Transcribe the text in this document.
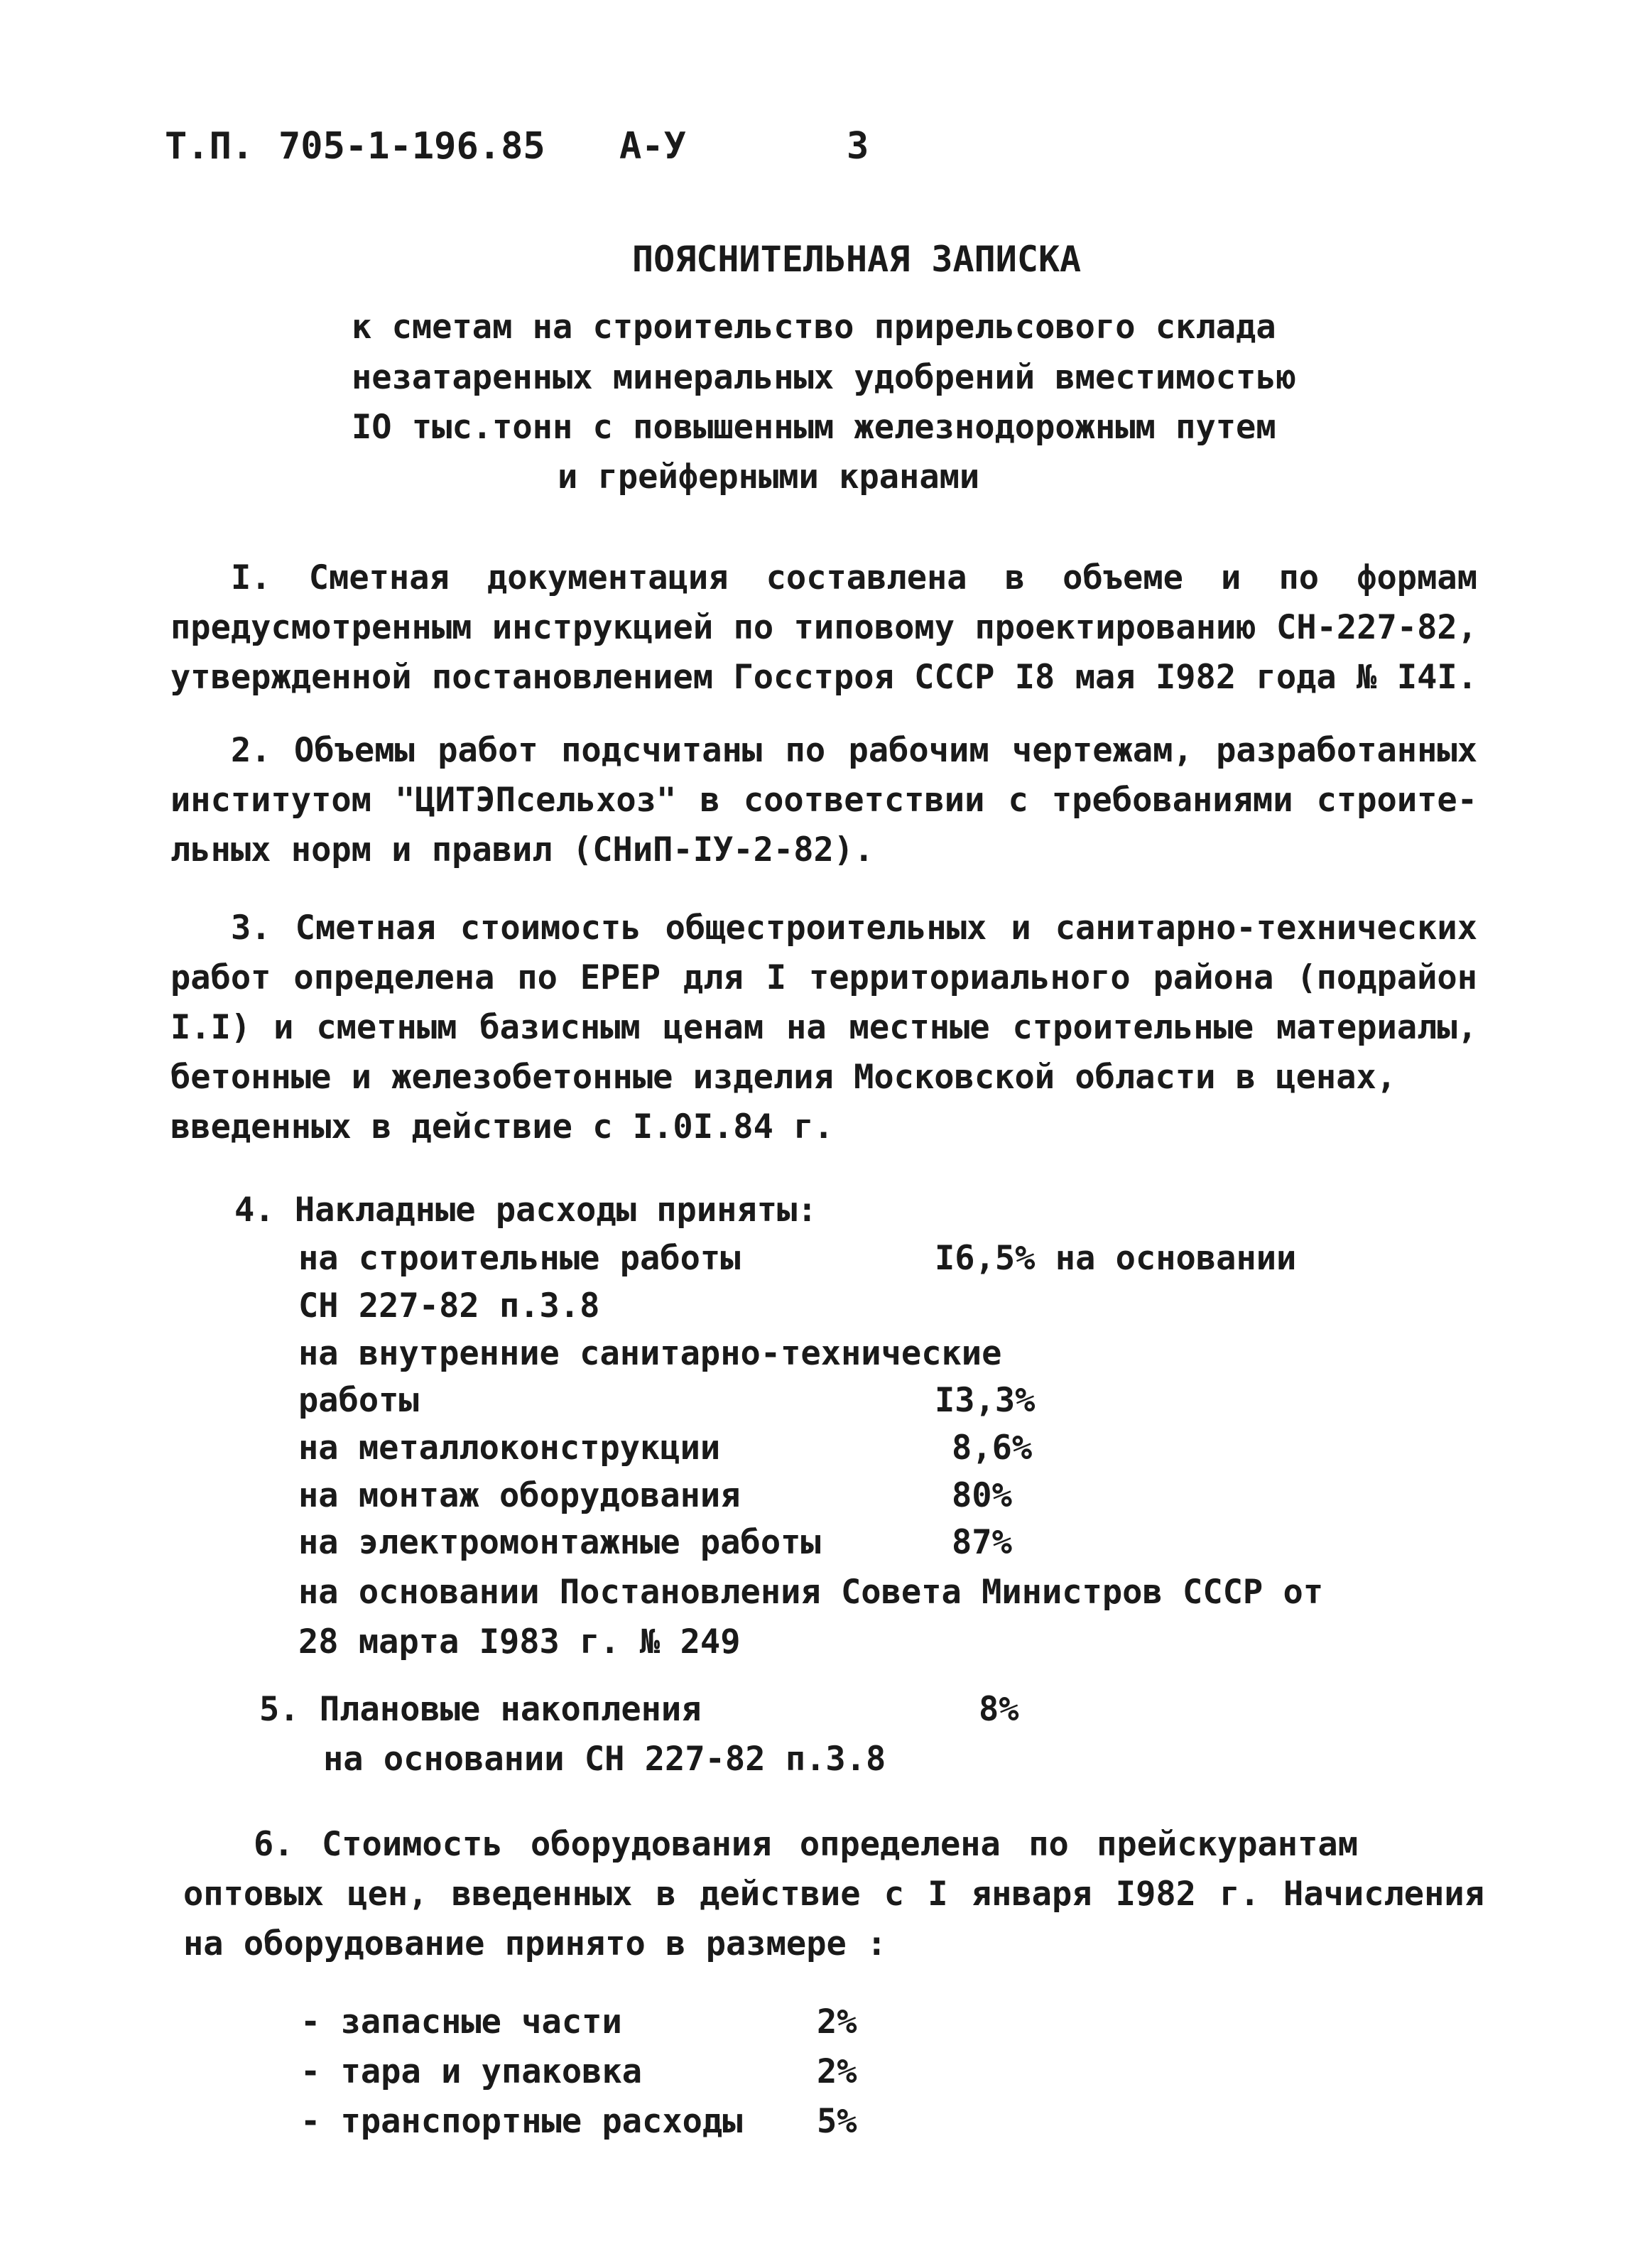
Т.П. 705-1-196.85 А-У	3
ПОЯСНИТЕЛЬНАЯ ЗАПИСКА
к сметам на строительство прирельсового склада
незатаренных минеральных удобрений вместимостью
IO тыс.тонн с повышенным железнодорожным путем
и грейферными кранами
I. Сметная документация составлена в объеме и по формам
предусмотренным инструкцией по типовому проектированию СН-227-82,
утвержденной постановлением Госстроя СССР I8 мая I982 года № I4I.
2. Объемы работ подсчитаны по рабочим чертежам, разработанных
институтом "ЦИТЭПсельхоз" в соответствии с требованиями строите-
льных норм и правил (СНиП-IУ-2-82).
3. Сметная стоимость общестроительных и санитарно-технических
работ определена по ЕРЕР для I территориального района (подрайон
I.I) и сметным базисным ценам на местные строительные материалы,
бетонные и железобетонные изделия Московской области в ценах,
введенных в действие с I.0I.84 г.
4. Накладные расходы приняты:
на строительные работы	I6,5% на основании
СН 227-82 п.3.8
на внутренние санитарно-технические
работы	I3,3%
на металлоконструкции	8,6%
на монтаж оборудования	80%
на электромонтажные работы	87%
на основании Постановления Совета Министров СССР от
28 марта I983 г. № 249
5. Плановые накопления	8%
на основании СН 227-82 п.3.8
6. Стоимость оборудования определена по прейскурантам
оптовых цен, введенных в действие с I января I982 г. Начисления
на оборудование принято в размере :
- запасные части	2%
- тара и упаковка	2%
- транспортные расходы 5%
